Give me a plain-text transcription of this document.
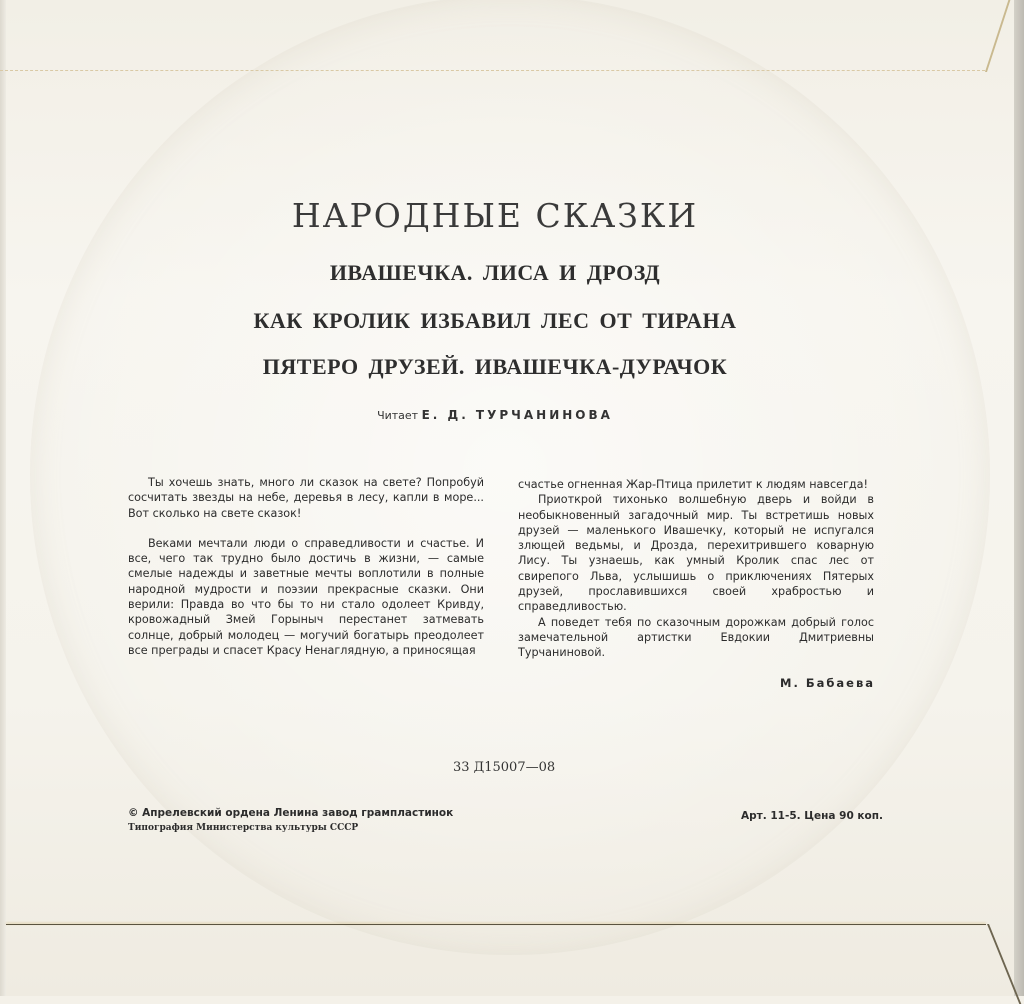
НАРОДНЫЕ СКАЗКИ
ИВАШЕЧКА. ЛИСА И ДРОЗД
КАК КРОЛИК ИЗБАВИЛ ЛЕС ОТ ТИРАНА
ПЯТЕРО ДРУЗЕЙ. ИВАШЕЧКА-ДУРАЧОК
Читает Е. Д. ТУРЧАНИНОВА

Ты хочешь знать, много ли сказок на свете? Попробуй сосчитать звезды на небе, деревья в лесу, капли в море... Вот сколько на свете сказок!

Веками мечтали люди о справедливости и счастье. И все, чего так трудно было достичь в жизни, — самые смелые надежды и заветные мечты воплотили в полные народной мудрости и поэзии прекрасные сказки. Они верили: Правда во что бы то ни стало одолеет Кривду, кровожадный Змей Горыныч перестанет затмевать солнце, добрый молодец — могучий богатырь преодолеет все преграды и спасет Красу Ненаглядную, а приносящая

счастье огненная Жар-Птица прилетит к людям навсегда!

Приоткрой тихонько волшебную дверь и войди в необыкновенный загадочный мир. Ты встретишь новых друзей — маленького Ивашечку, который не испугался злющей ведьмы, и Дрозда, перехитрившего коварную Лису. Ты узнаешь, как умный Кролик спас лес от свирепого Льва, услышишь о приключениях Пятерых друзей, прославившихся своей храбростью и справедливостью.

А поведет тебя по сказочным дорожкам добрый голос замечательной артистки Евдокии Дмитриевны Турчаниновой.

М. Бабаева
33 Д15007—08
© Апрелевский ордена Ленина завод грампластинок
Типография Министерства культуры СССР
Арт. 11-5. Цена 90 коп.
